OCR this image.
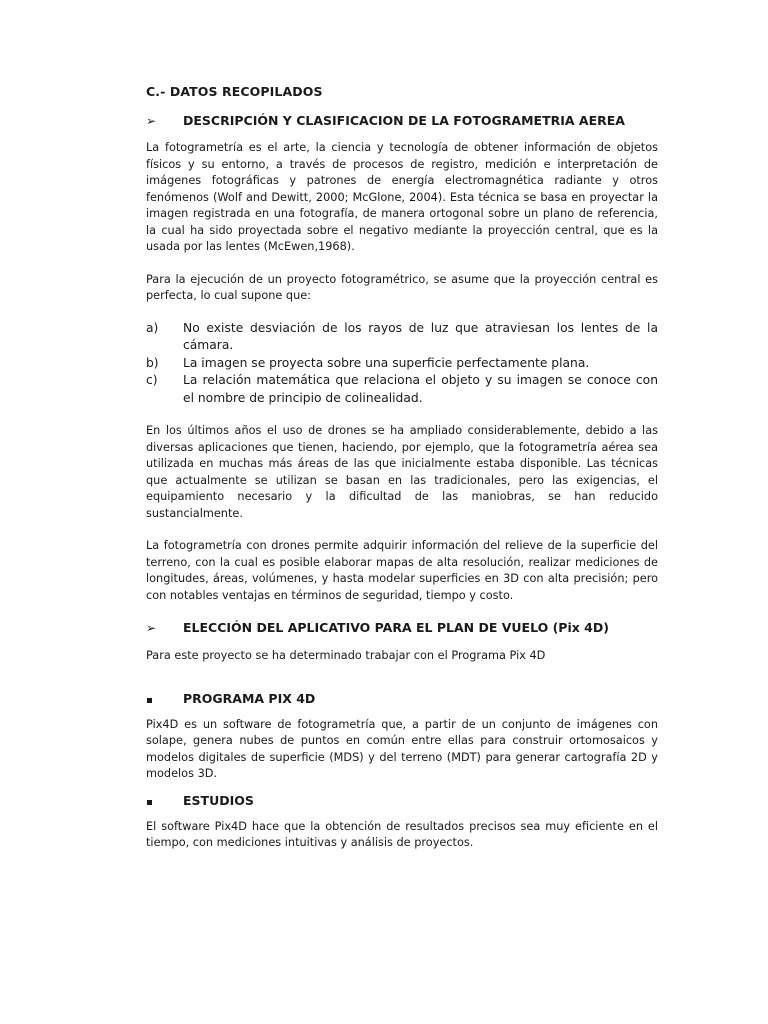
C.- DATOS RECOPILADOS

➢	DESCRIPCIÓN Y CLASIFICACION DE LA FOTOGRAMETRIA AEREA

La fotogrametría es el arte, la ciencia y tecnología de obtener información de objetos físicos y su entorno, a través de procesos de registro, medición e interpretación de imágenes fotográficas y patrones de energía electromagnética radiante y otros fenómenos (Wolf and Dewitt, 2000; McGlone, 2004). Esta técnica se basa en proyectar la imagen registrada en una fotografía, de manera ortogonal sobre un plano de referencia, la cual ha sido proyectada sobre el negativo mediante la proyección central, que es la usada por las lentes (McEwen,1968).

Para la ejecución de un proyecto fotogramétrico, se asume que la proyección central es perfecta, lo cual supone que:

a)	No existe desviación de los rayos de luz que atraviesan los lentes de la cámara.
b)	La imagen se proyecta sobre una superficie perfectamente plana.
c)	La relación matemática que relaciona el objeto y su imagen se conoce con el nombre de principio de colinealidad.

En los últimos años el uso de drones se ha ampliado considerablemente, debido a las diversas aplicaciones que tienen, haciendo, por ejemplo, que la fotogrametría aérea sea utilizada en muchas más áreas de las que inicialmente estaba disponible. Las técnicas que actualmente se utilizan se basan en las tradicionales, pero las exigencias, el equipamiento necesario y la dificultad de las maniobras, se han reducido sustancialmente.

La fotogrametría con drones permite adquirir información del relieve de la superficie del terreno, con la cual es posible elaborar mapas de alta resolución, realizar mediciones de longitudes, áreas, volúmenes, y hasta modelar superficies en 3D con alta precisión; pero con notables ventajas en términos de seguridad, tiempo y costo.

➢	ELECCIÓN DEL APLICATIVO PARA EL PLAN DE VUELO (Pix 4D)

Para este proyecto se ha determinado trabajar con el Programa Pix 4D

PROGRAMA PIX 4D

Pix4D es un software de fotogrametría que, a partir de un conjunto de imágenes con solape, genera nubes de puntos en común entre ellas para construir ortomosaicos y modelos digitales de superficie (MDS) y del terreno (MDT) para generar cartografía 2D y modelos 3D.

ESTUDIOS

El software Pix4D hace que la obtención de resultados precisos sea muy eficiente en el tiempo, con mediciones intuitivas y análisis de proyectos.
